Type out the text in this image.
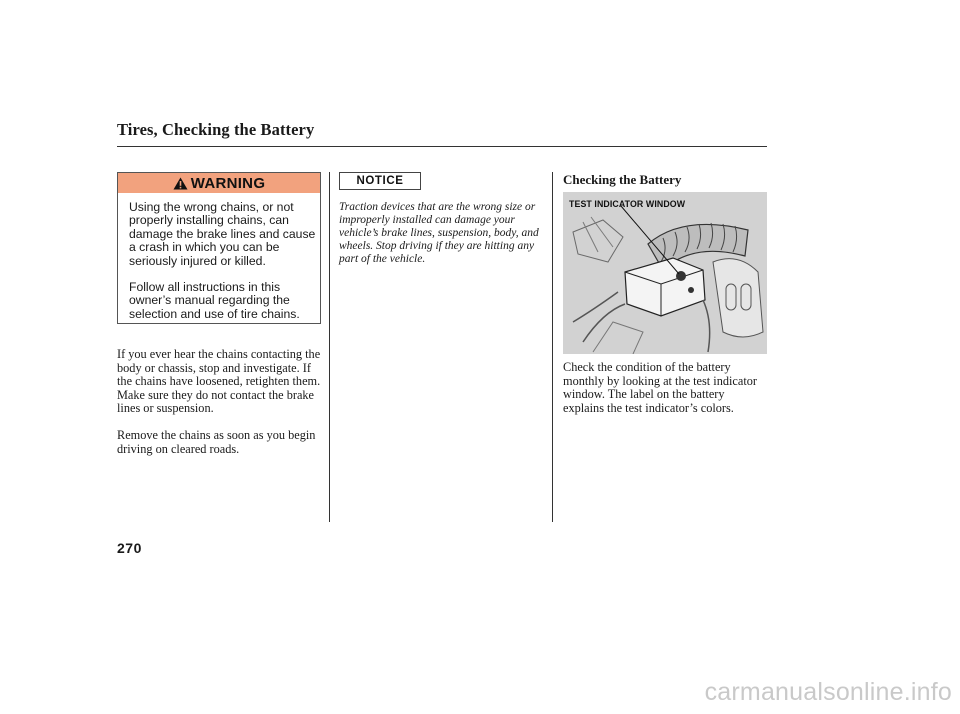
Tires, Checking the Battery
WARNING

Using the wrong chains, or not properly installing chains, can damage the brake lines and cause a crash in which you can be seriously injured or killed.

Follow all instructions in this owner’s manual regarding the selection and use of tire chains.

If you ever hear the chains contacting the body or chassis, stop and investigate. If the chains have loosened, retighten them. Make sure they do not contact the brake lines or suspension.

Remove the chains as soon as you begin driving on cleared roads.

NOTICE
Traction devices that are the wrong size or improperly installed can damage your vehicle’s brake lines, suspension, body, and wheels. Stop driving if they are hitting any part of the vehicle.
Checking the Battery
TEST INDICATOR WINDOW

Check the condition of the battery monthly by looking at the test indicator window. The label on the battery explains the test indicator’s colors.

270
carmanualsonline.info
